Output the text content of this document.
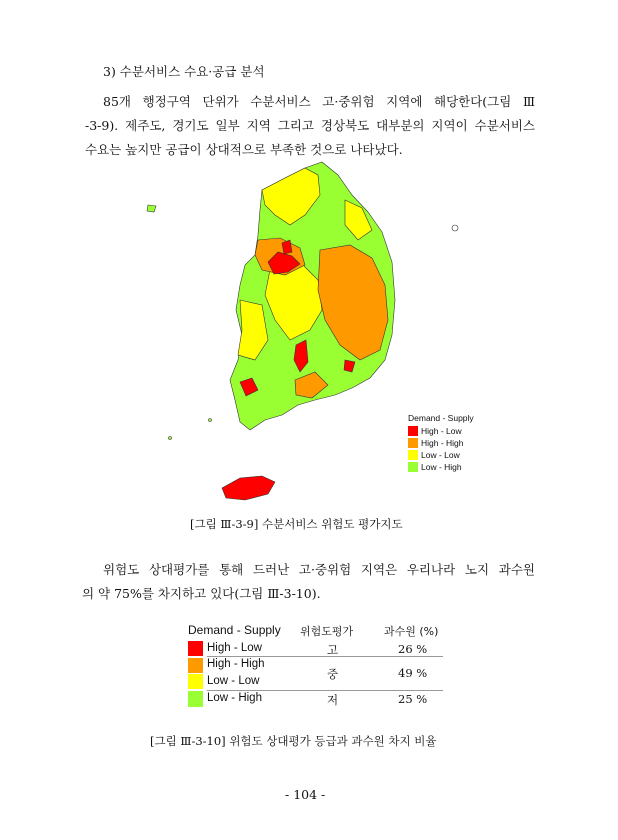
3) 수분서비스 수요·공급 분석
85개 행정구역 단위가 수분서비스 고·중위험 지역에 해당한다(그림 Ⅲ
-3-9). 제주도, 경기도 일부 지역 그리고 경상북도 대부분의 지역이 수분서비스
수요는 높지만 공급이 상대적으로 부족한 것으로 나타났다.
Demand - Supply
High - Low
High - High
Low - Low
Low - High
[그림 Ⅲ-3-9] 수분서비스 위험도 평가지도
위험도 상대평가를 통해 드러난 고·중위험 지역은 우리나라 노지 과수원
의 약 75%를 차지하고 있다(그림 Ⅲ-3-10).
Demand - Supply 위험도평가	과수원 (%)
High - Low
High - High
Low - Low
Low - High
고
중
저
26 %
49 %
25 %
[그림 Ⅲ-3-10] 위험도 상대평가 등급과 과수원 차지 비율
- 104 -
